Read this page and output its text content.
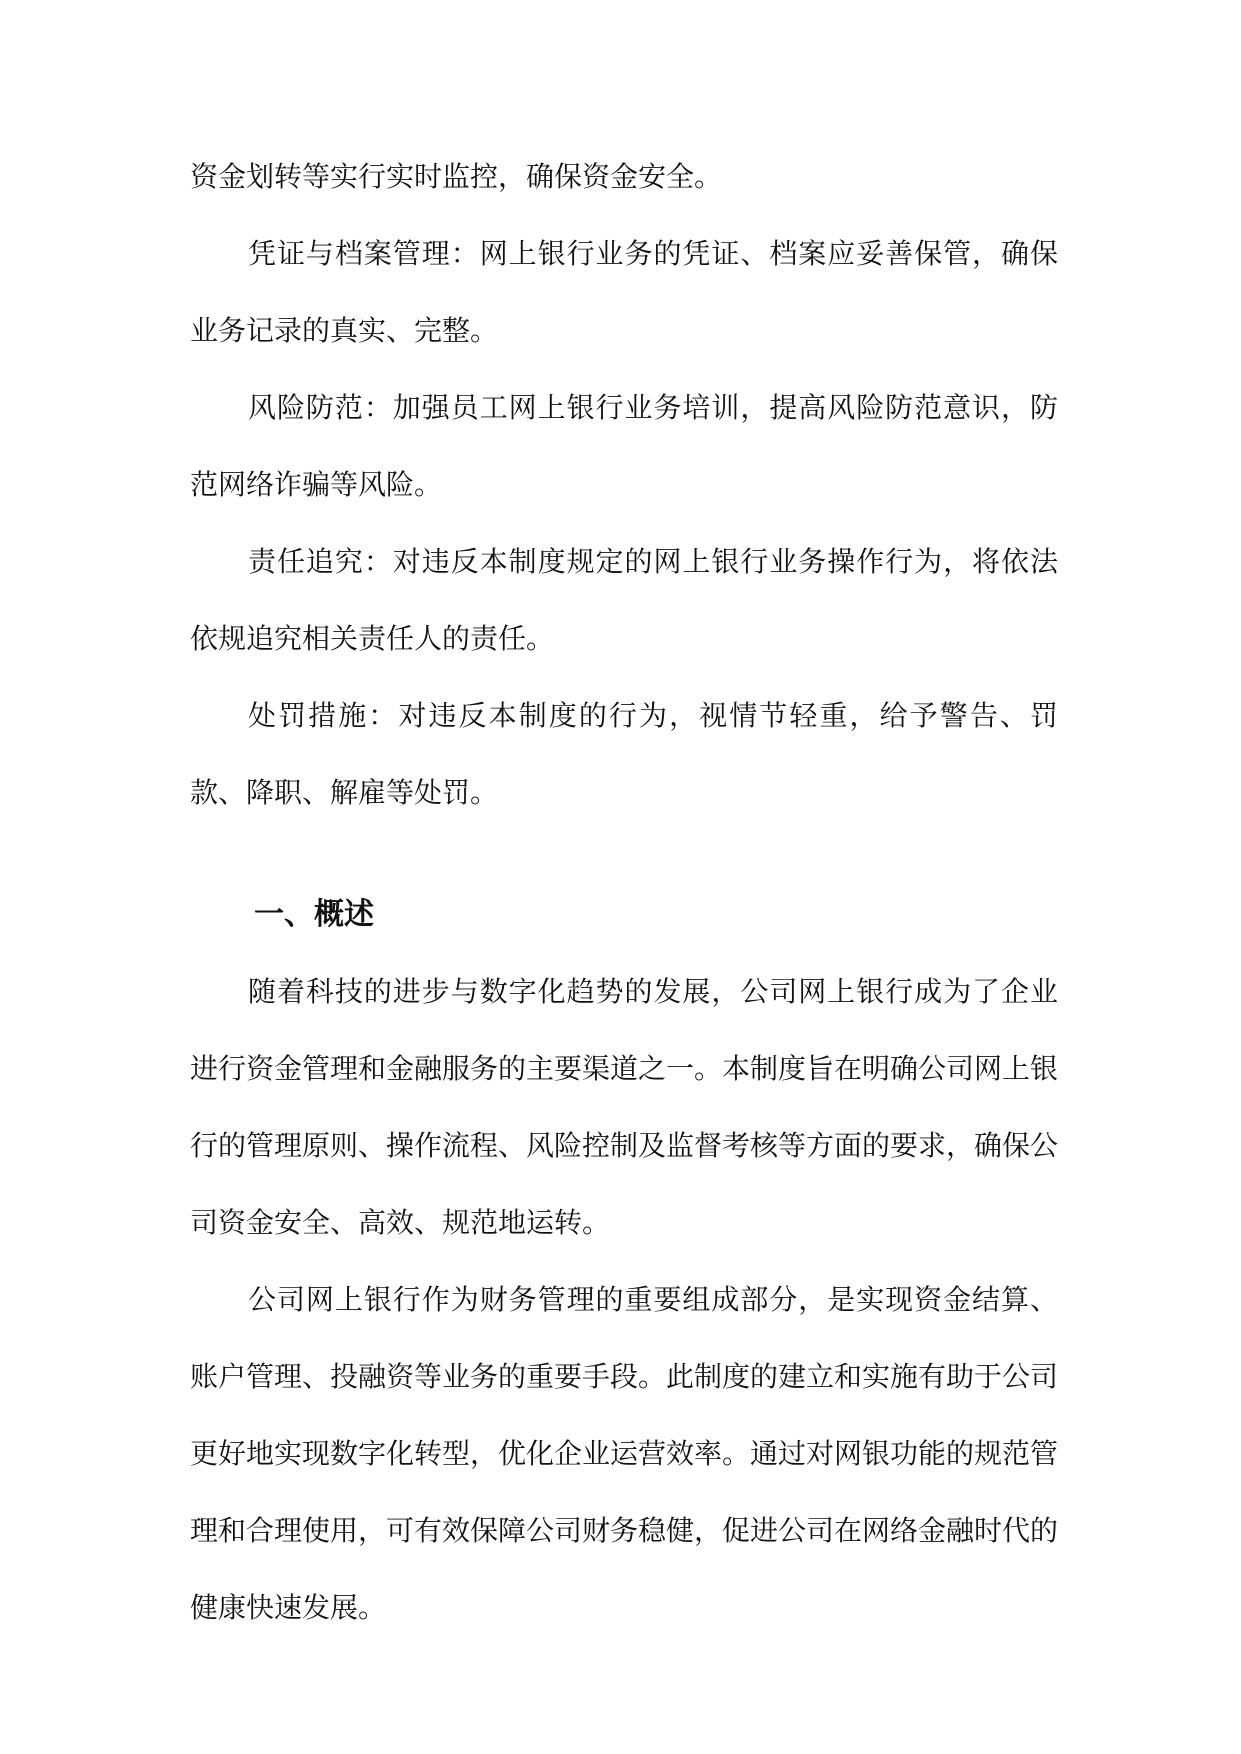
资金划转等实行实时监控，确保资金安全。

凭证与档案管理：网上银行业务的凭证、档案应妥善保管，确保业务记录的真实、完整。

风险防范：加强员工网上银行业务培训，提高风险防范意识，防范网络诈骗等风险。

责任追究：对违反本制度规定的网上银行业务操作行为，将依法依规追究相关责任人的责任。

处罚措施：对违反本制度的行为，视情节轻重，给予警告、罚款、降职、解雇等处罚。

一、概述

随着科技的进步与数字化趋势的发展，公司网上银行成为了企业进行资金管理和金融服务的主要渠道之一。本制度旨在明确公司网上银行的管理原则、操作流程、风险控制及监督考核等方面的要求，确保公司资金安全、高效、规范地运转。

公司网上银行作为财务管理的重要组成部分，是实现资金结算、账户管理、投融资等业务的重要手段。此制度的建立和实施有助于公司更好地实现数字化转型，优化企业运营效率。通过对网银功能的规范管理和合理使用，可有效保障公司财务稳健，促进公司在网络金融时代的健康快速发展。
